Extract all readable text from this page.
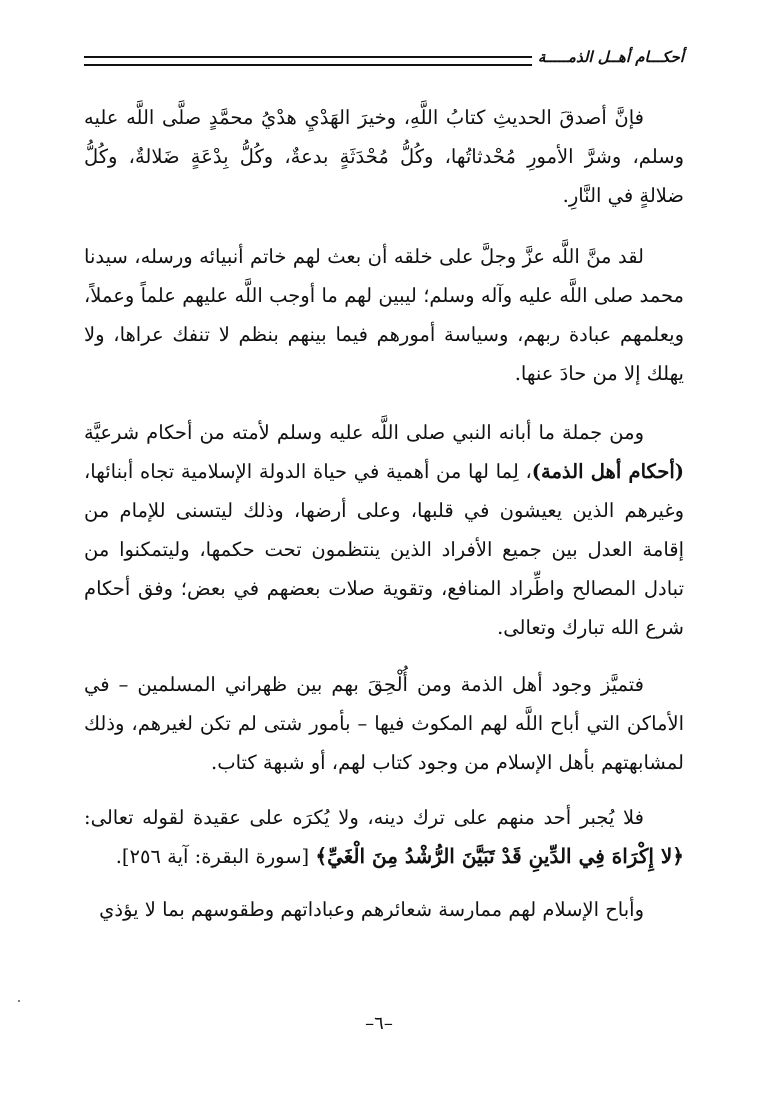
أحكـــام أهــل الذمـــــة

فإنَّ أصدقَ الحديثِ كتابُ اللَّهِ، وخيرَ الهَدْيِ هدْيُ محمَّدٍ صلَّى اللَّه عليه وسلم، وشرَّ الأمورِ مُحْدثاتُها، وكُلُّ مُحْدَثَةٍ بدعةٌ، وكُلُّ بِدْعَةٍ ضَلالةٌ، وكُلُّ ضلالةٍ في النَّارِ.

لقد منَّ اللَّه عزَّ وجلَّ على خلقه أن بعث لهم خاتم أنبيائه ورسله، سيدنا محمد صلى اللَّه عليه وآله وسلم؛ ليبين لهم ما أوجب اللَّه عليهم علماً وعملاً، ويعلمهم عبادة ربهم، وسياسة أمورهم فيما بينهم بنظم لا تنفك عراها، ولا يهلك إلا من حادَ عنها.

ومن جملة ما أبانه النبي صلى اللَّه عليه وسلم لأمته من أحكام شرعيَّة (أحكام أهل الذمة)، لِما لها من أهمية في حياة الدولة الإسلامية تجاه أبنائها، وغيرهم الذين يعيشون في قلبها، وعلى أرضها، وذلك ليتسنى للإمام من إقامة العدل بين جميع الأفراد الذين ينتظمون تحت حكمها، وليتمكنوا من تبادل المصالح واطِّراد المنافع، وتقوية صلات بعضهم في بعض؛ وفق أحكام شرع الله تبارك وتعالى.

فتميَّز وجود أهل الذمة ومن أُلْحِقَ بهم بين ظهراني المسلمين – في الأماكن التي أباح اللَّه لهم المكوث فيها – بأمور شتى لم تكن لغيرهم، وذلك لمشابهتهم بأهل الإسلام من وجود كتاب لهم، أو شبهة كتاب.

فلا يُجبر أحد منهم على ترك دينه، ولا يُكرَه على عقيدة لقوله تعالى: ﴿لا إِكْرَاهَ فِي الدِّينِ قَدْ تَبَيَّنَ الرُّشْدُ مِنَ الْغَيِّ﴾ [سورة البقرة: آية ٢٥٦].

وأباح الإسلام لهم ممارسة شعائرهم وعباداتهم وطقوسهم بما لا يؤذي

–٦–
